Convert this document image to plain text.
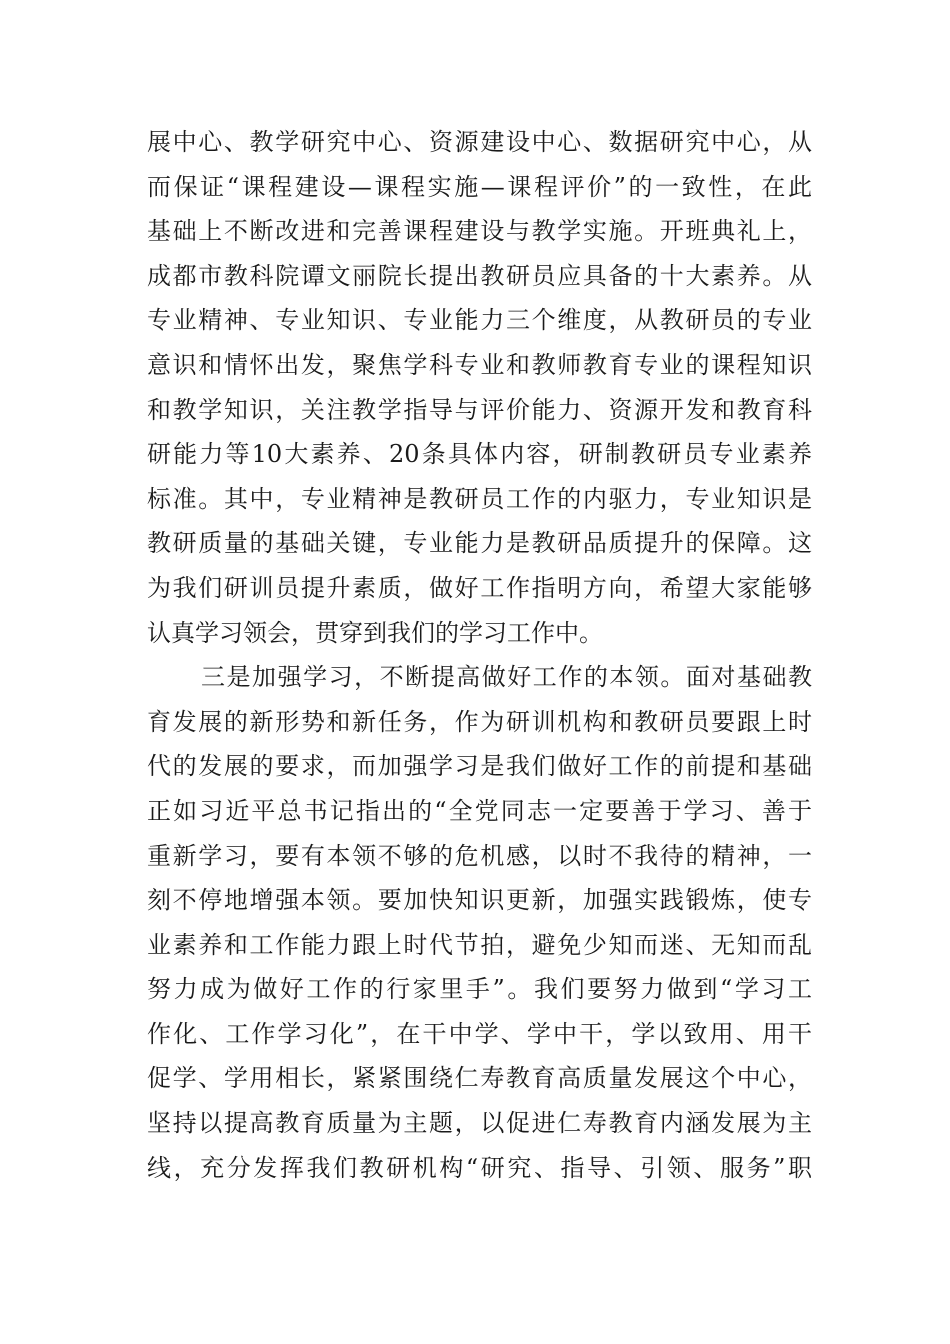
展中心、教学研究中心、资源建设中心、数据研究中心，从
而保证“课程建设—课程实施—课程评价”的一致性，在此
基础上不断改进和完善课程建设与教学实施。开班典礼上，
成都市教科院谭文丽院长提出教研员应具备的十大素养。从
专业精神、专业知识、专业能力三个维度，从教研员的专业
意识和情怀出发，聚焦学科专业和教师教育专业的课程知识
和教学知识，关注教学指导与评价能力、资源开发和教育科
研能力等10大素养、20条具体内容，研制教研员专业素养
标准。其中，专业精神是教研员工作的内驱力，专业知识是
教研质量的基础关键，专业能力是教研品质提升的保障。这
为我们研训员提升素质，做好工作指明方向，希望大家能够
认真学习领会，贯穿到我们的学习工作中。
三是加强学习，不断提高做好工作的本领。面对基础教
育发展的新形势和新任务，作为研训机构和教研员要跟上时
代的发展的要求，而加强学习是我们做好工作的前提和基础
正如习近平总书记指出的“全党同志一定要善于学习、善于
重新学习，要有本领不够的危机感，以时不我待的精神，一
刻不停地增强本领。要加快知识更新，加强实践锻炼，使专
业素养和工作能力跟上时代节拍，避免少知而迷、无知而乱
努力成为做好工作的行家里手”。我们要努力做到“学习工
作化、工作学习化”，在干中学、学中干，学以致用、用干
促学、学用相长，紧紧围绕仁寿教育高质量发展这个中心，
坚持以提高教育质量为主题，以促进仁寿教育内涵发展为主
线，充分发挥我们教研机构“研究、指导、引领、服务”职
